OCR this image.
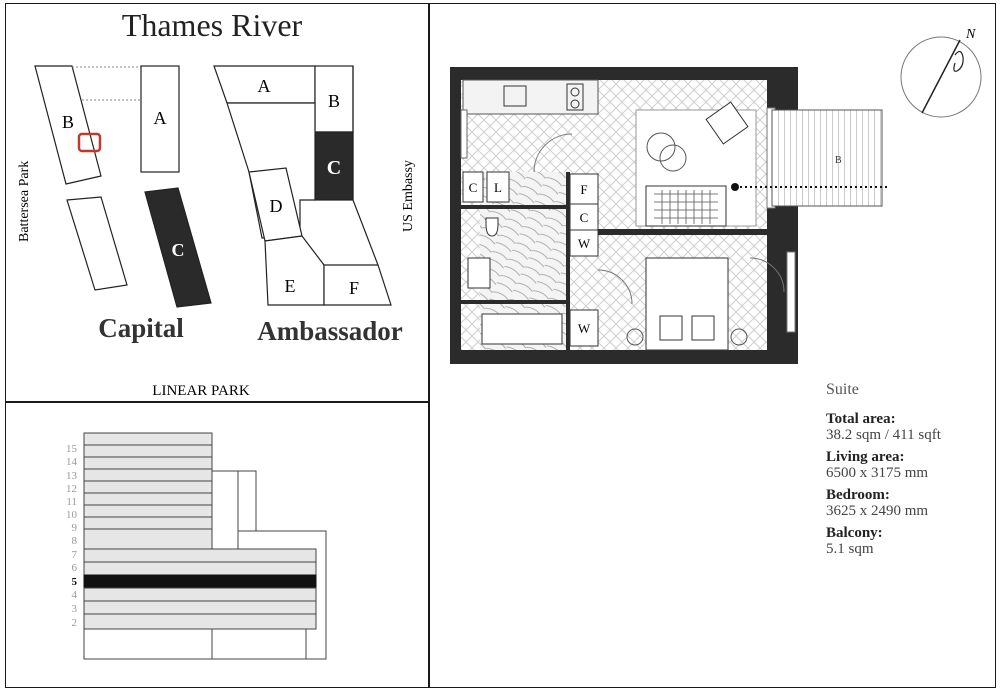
Thames River
B	A
C
A
B
C
D
E	F
Battersea Park	US Embassy
Capital	Ambassador
LINEAR PARK
15
14
13
12
11
10
9
8
7
6
5
4
3
2
N
C L	F
C
W
W
B
Suite
Total area:
38.2 sqm / 411 sqft
Living area:
6500 x 3175 mm
Bedroom:
3625 x 2490 mm
Balcony:
5.1 sqm
